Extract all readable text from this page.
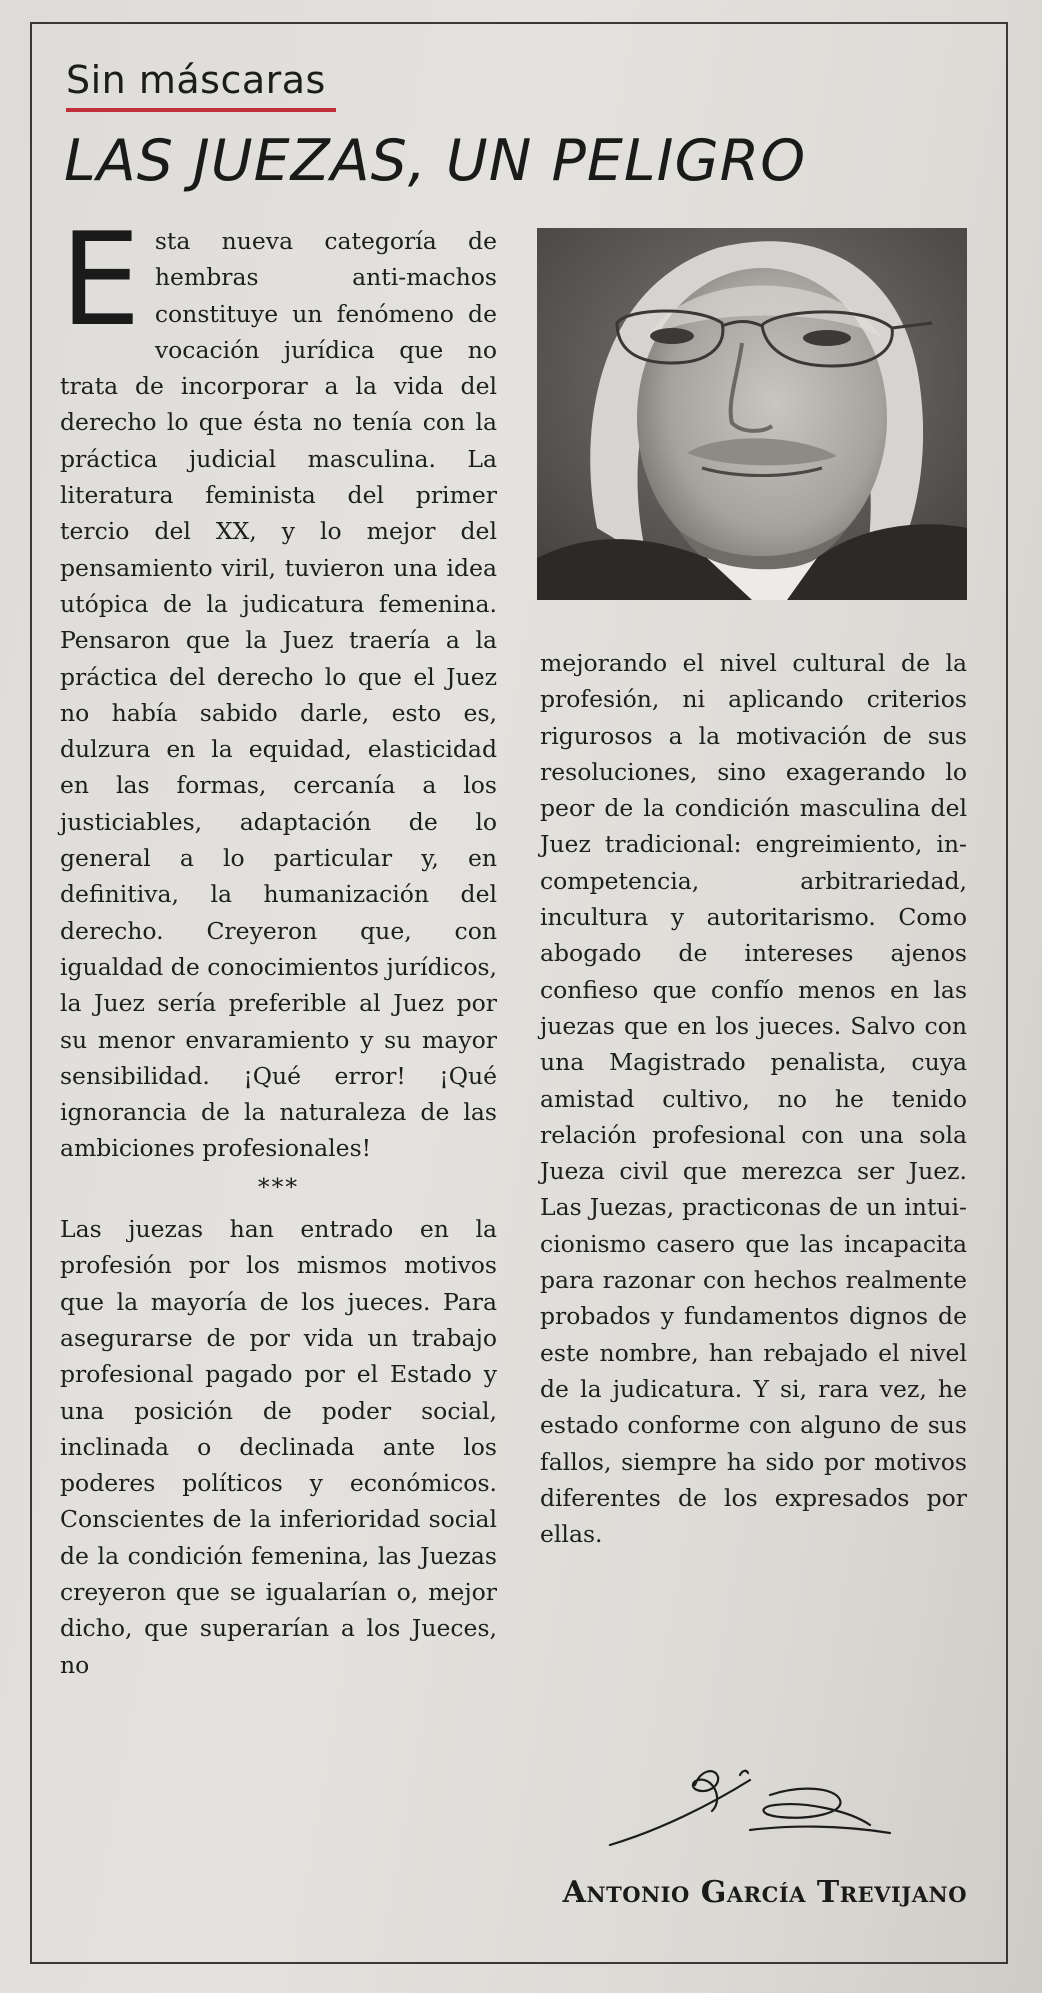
Sin máscaras
LAS JUEZAS, UN PELIGRO

Esta nueva categoría de hembras anti-machos constituye un fenómeno de vocación jurídica que no trata de incorporar a la vida del derecho lo que ésta no tenía con la práctica judicial masculina. La literatura feminista del primer tercio del XX, y lo mejor del pensamiento viril, tuvieron una idea utópica de la judicatura femenina. Pensaron que la Juez traería a la práctica del derecho lo que el Juez no había sabido darle, esto es, dulzura en la equidad, elasticidad en las formas, cercanía a los justiciables, adaptación de lo general a lo particular y, en definitiva, la humanización del derecho. Creyeron que, con igualdad de conocimientos jurídicos, la Juez sería preferible al Juez por su menor envaramiento y su mayor sensibilidad. ¡Qué error! ¡Qué ignorancia de la naturaleza de las ambiciones profesionales!

***

Las juezas han entrado en la profesión por los mismos motivos que la mayoría de los jueces. Para asegurarse de por vida un trabajo profesional pagado por el Estado y una posición de poder social, inclinada o declinada ante los poderes políticos y económicos. Conscientes de la inferioridad social de la condición femenina, las Juezas creyeron que se igualarían o, mejor dicho, que superarían a los Jueces, no

mejorando el nivel cultural de la profesión, ni aplicando criterios rigurosos a la motivación de sus resoluciones, sino exagerando lo peor de la condición masculina del Juez tradicional: engreimiento, incompetencia, arbitrariedad, incultura y autoritarismo. Como abogado de intereses ajenos confieso que confío menos en las juezas que en los jueces. Salvo con una Magistrado penalista, cuya amistad cultivo, no he tenido relación profesional con una sola Jueza civil que merezca ser Juez. Las Juezas, practiconas de un intuicionismo casero que las incapacita para razonar con hechos realmente probados y fundamentos dignos de este nombre, han rebajado el nivel de la judicatura. Y si, rara vez, he estado conforme con alguno de sus fallos, siempre ha sido por motivos diferentes de los expresados por ellas.

Antonio García Trevijano
